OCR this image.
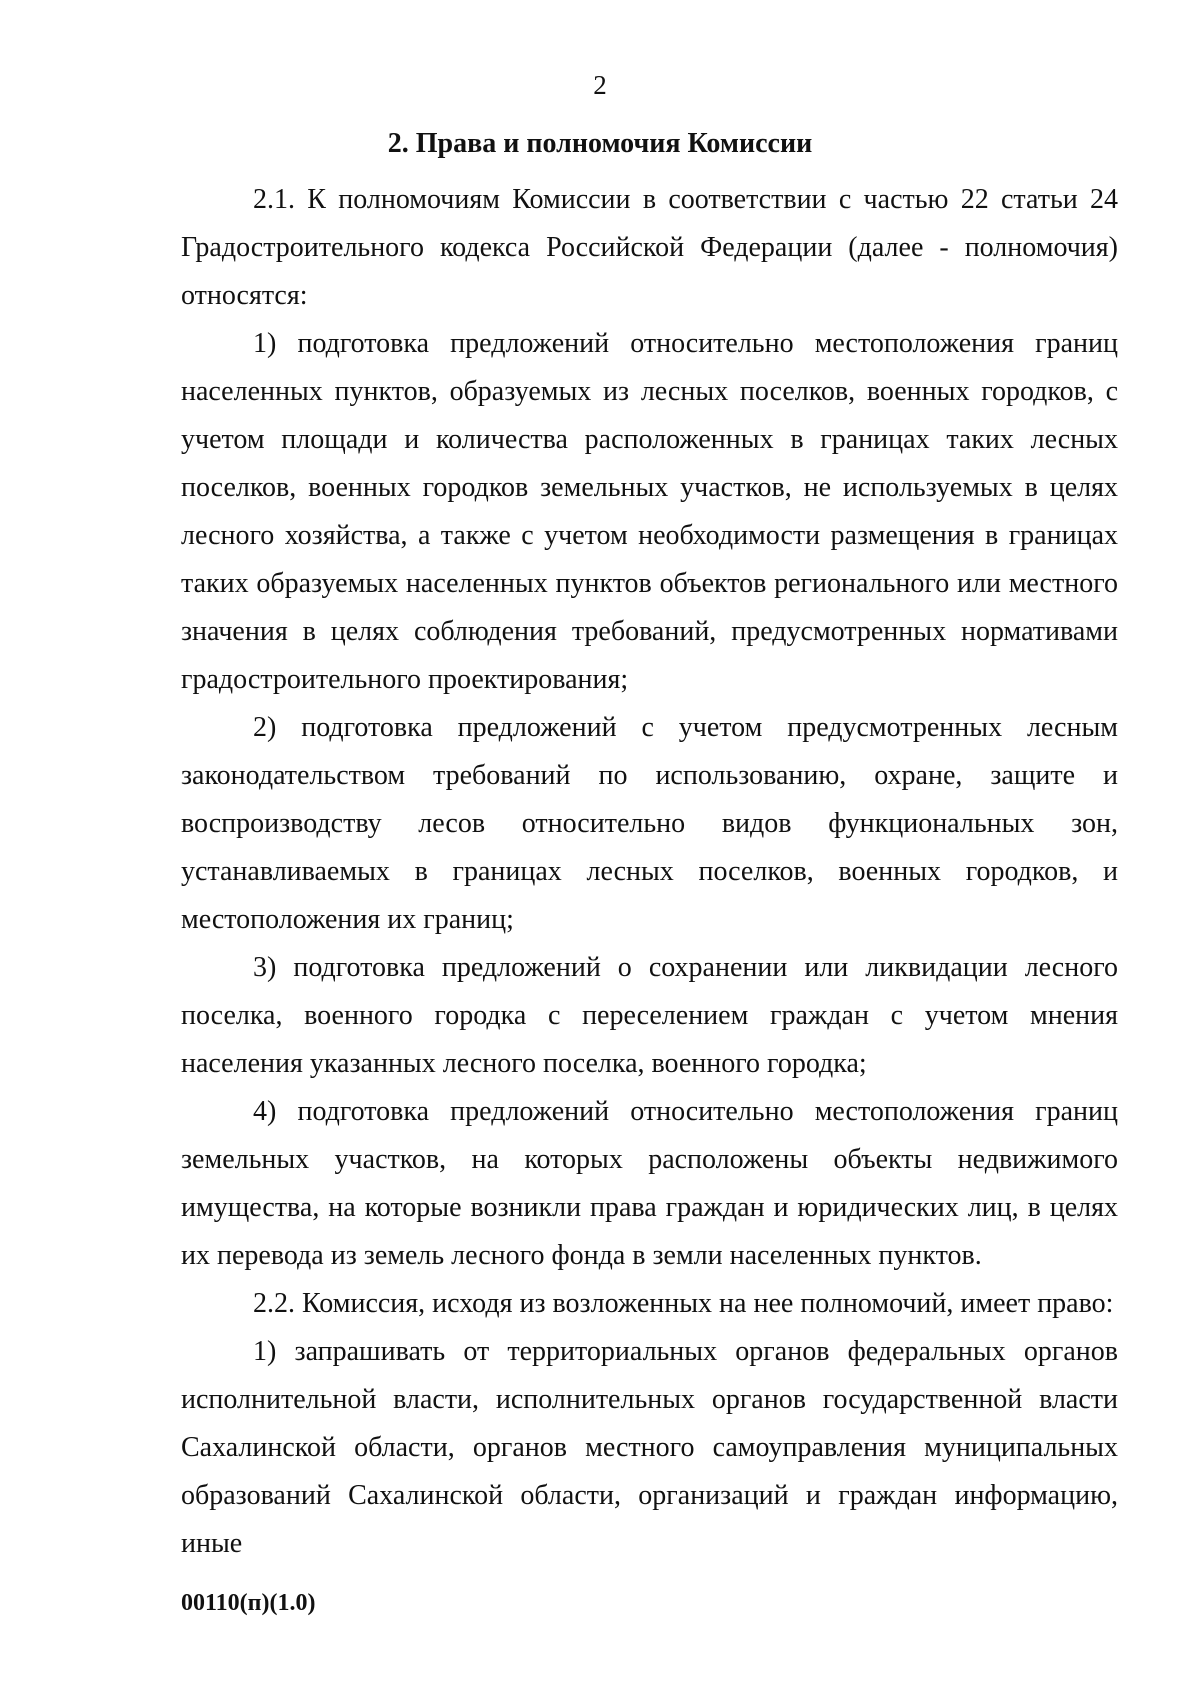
2
2. Права и полномочия Комиссии

2.1. К полномочиям Комиссии в соответствии с частью 22 статьи 24 Градостроительного кодекса Российской Федерации (далее - полномочия) относятся:

1) подготовка предложений относительно местоположения границ населенных пунктов, образуемых из лесных поселков, военных городков, с учетом площади и количества расположенных в границах таких лесных поселков, военных городков земельных участков, не используемых в целях лесного хозяйства, а также с учетом необходимости размещения в границах таких образуемых населенных пунктов объектов регионального или местного значения в целях соблюдения требований, предусмотренных нормативами градостроительного проектирования;

2) подготовка предложений с учетом предусмотренных лесным законодательством требований по использованию, охране, защите и воспроизводству лесов относительно видов функциональных зон, устанавливаемых в границах лесных поселков, военных городков, и местоположения их границ;

3) подготовка предложений о сохранении или ликвидации лесного поселка, военного городка с переселением граждан с учетом мнения населения указанных лесного поселка, военного городка;

4) подготовка предложений относительно местоположения границ земельных участков, на которых расположены объекты недвижимого имущества, на которые возникли права граждан и юридических лиц, в целях их перевода из земель лесного фонда в земли населенных пунктов.

2.2. Комиссия, исходя из возложенных на нее полномочий, имеет право:

1) запрашивать от территориальных органов федеральных органов исполнительной власти, исполнительных органов государственной власти Сахалинской области, органов местного самоуправления муниципальных образований Сахалинской области, организаций и граждан информацию, иные

00110(п)(1.0)
